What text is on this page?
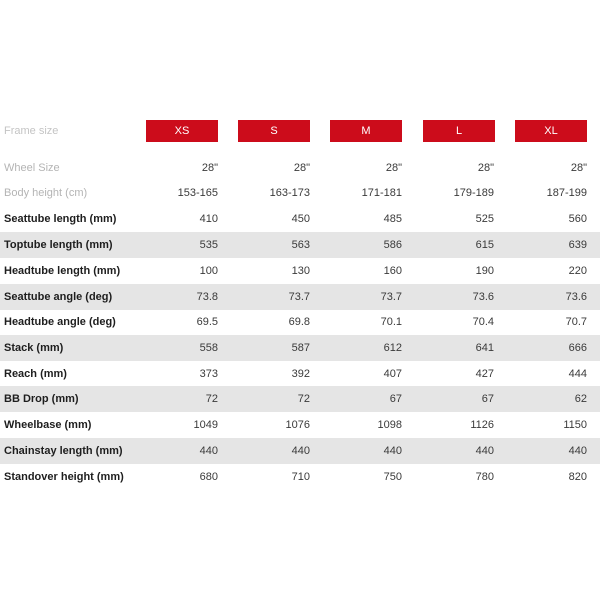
Frame size	XS	S	M	L	XL
Wheel Size	28"	28"	28"	28"	28"
Body height (cm)	153-165	163-173	171-181	179-189	187-199
Seattube length (mm)	410	450	485	525	560
Toptube length (mm)	535	563	586	615	639
Headtube length (mm)	100	130	160	190	220
Seattube angle (deg)	73.8	73.7	73.7	73.6	73.6
Headtube angle (deg)	69.5	69.8	70.1	70.4	70.7
Stack (mm)	558	587	612	641	666
Reach (mm)	373	392	407	427	444
BB Drop (mm)	72	72	67	67	62
Wheelbase (mm)	1049	1076	1098	1126	1150
Chainstay length (mm)	440	440	440	440	440
Standover height (mm)	680	710	750	780	820
